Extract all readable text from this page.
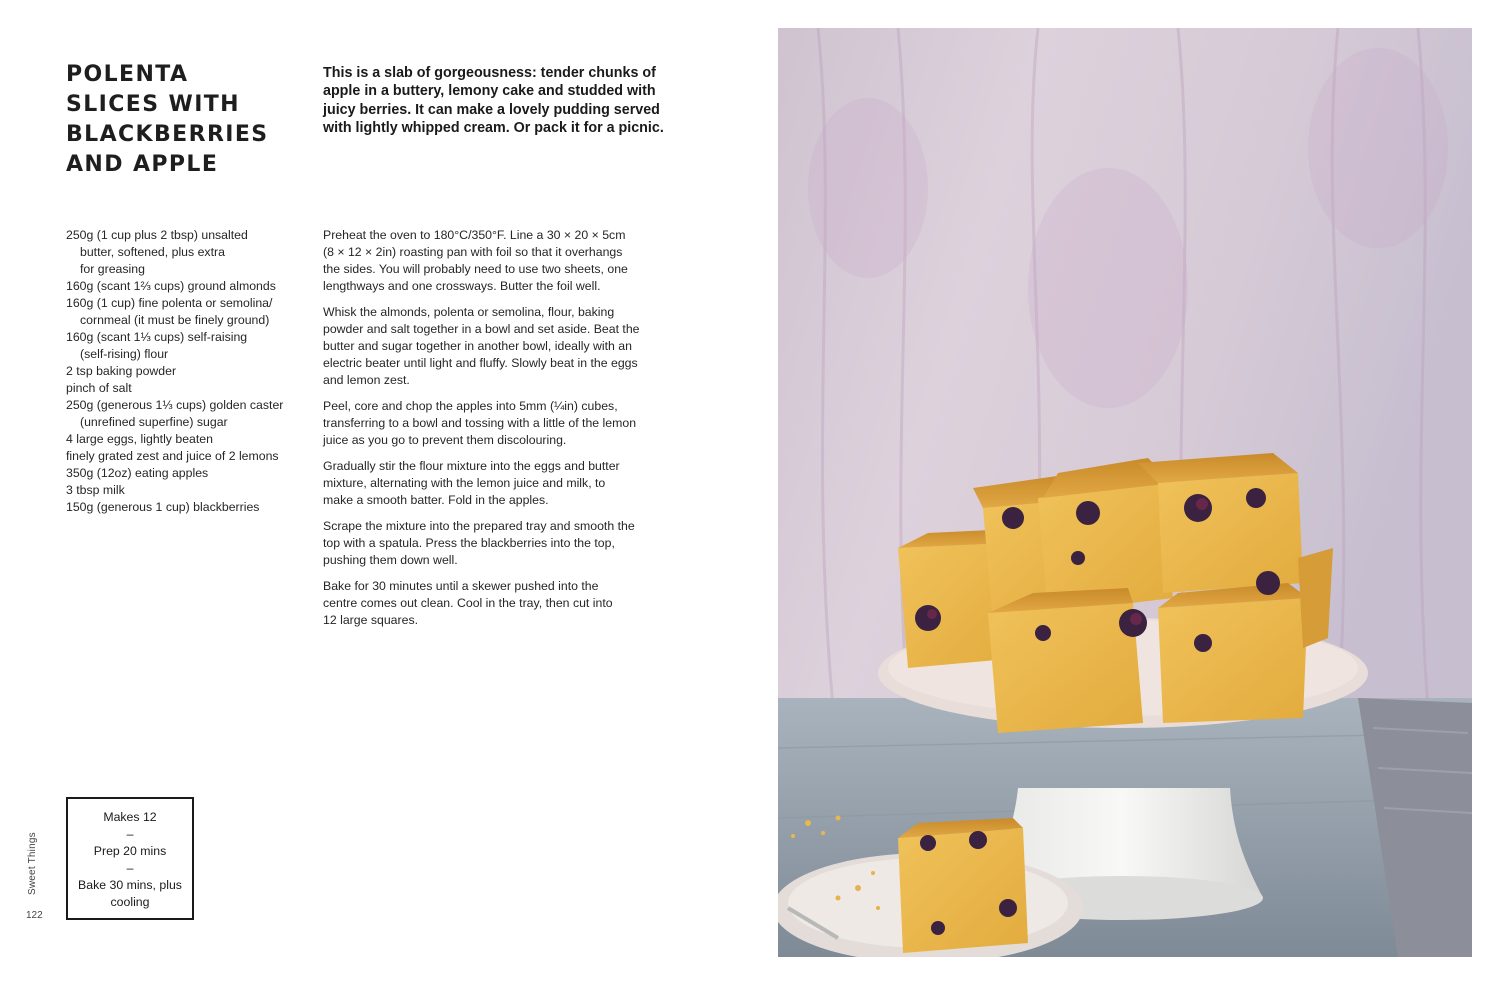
POLENTA
SLICES WITH
BLACKBERRIES
AND APPLE

This is a slab of gorgeousness: tender chunks of
apple in a buttery, lemony cake and studded with
juicy berries. It can make a lovely pudding served
with lightly whipped cream. Or pack it for a picnic.

250g (1 cup plus 2 tbsp) unsaltedbutter, softened, plus extrafor greasing
160g (scant 1⅔ cups) ground almonds
160g (1 cup) fine polenta or semolina/cornmeal (it must be finely ground)
160g (scant 1⅓ cups) self-raising(self-rising) flour
2 tsp baking powder
pinch of salt
250g (generous 1⅓ cups) golden caster(unrefined superfine) sugar
4 large eggs, lightly beaten
finely grated zest and juice of 2 lemons
350g (12oz) eating apples
3 tbsp milk
150g (generous 1 cup) blackberries

Preheat the oven to 180°C/350°F. Line a 30 × 20 × 5cm
(8 × 12 × 2in) roasting pan with foil so that it overhangs
the sides. You will probably need to use two sheets, one
lengthways and one crossways. Butter the foil well.

Whisk the almonds, polenta or semolina, flour, baking
powder and salt together in a bowl and set aside. Beat the
butter and sugar together in another bowl, ideally with an
electric beater until light and fluffy. Slowly beat in the eggs
and lemon zest.

Peel, core and chop the apples into 5mm (¼in) cubes,
transferring to a bowl and tossing with a little of the lemon
juice as you go to prevent them discolouring.

Gradually stir the flour mixture into the eggs and butter
mixture, alternating with the lemon juice and milk, to
make a smooth batter. Fold in the apples.

Scrape the mixture into the prepared tray and smooth the
top with a spatula. Press the blackberries into the top,
pushing them down well.

Bake for 30 minutes until a skewer pushed into the
centre comes out clean. Cool in the tray, then cut into
12 large squares.

Makes 12
–
Prep 20 mins
–
Bake 30 mins, plus
cooling
Sweet Things
122
